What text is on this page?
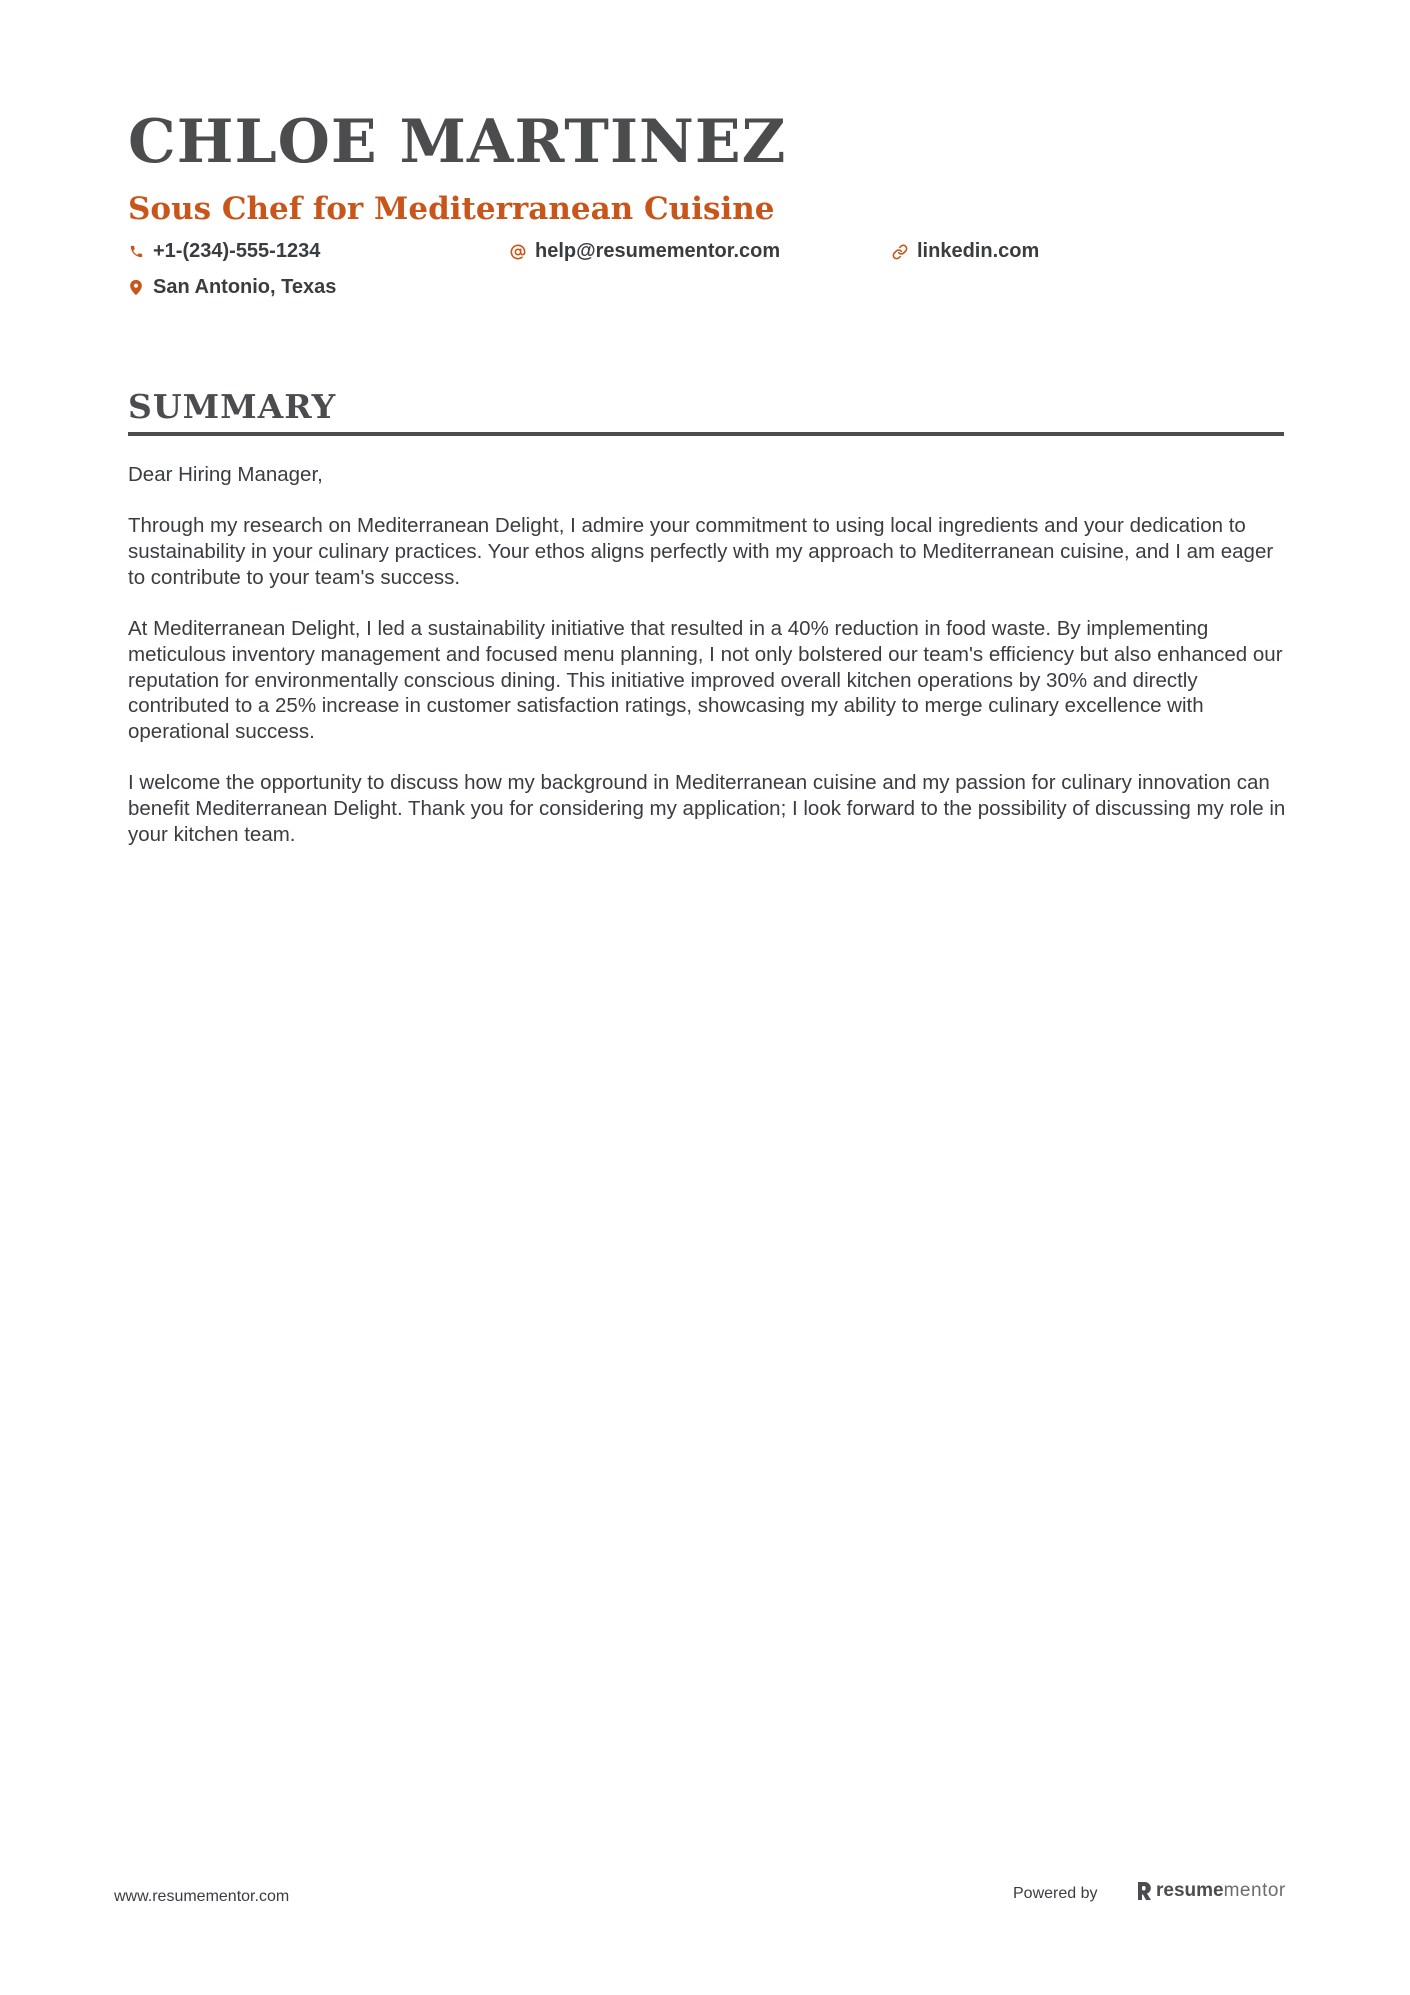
CHLOE MARTINEZ
Sous Chef for Mediterranean Cuisine
+1-(234)-555-1234	help@resumementor.com	linkedin.com
San Antonio, Texas
SUMMARY

Dear Hiring Manager,

Through my research on Mediterranean Delight, I admire your commitment to using local ingredients and your dedication to sustainability in your culinary practices. Your ethos aligns perfectly with my approach to Mediterranean cuisine, and I am eager to contribute to your team's success.

At Mediterranean Delight, I led a sustainability initiative that resulted in a 40% reduction in food waste. By implementing meticulous inventory management and focused menu planning, I not only bolstered our team's efficiency but also enhanced our reputation for environmentally conscious dining. This initiative improved overall kitchen operations by 30% and directly contributed to a 25% increase in customer satisfaction ratings, showcasing my ability to merge culinary excellence with operational success.

I welcome the opportunity to discuss how my background in Mediterranean cuisine and my passion for culinary innovation can benefit Mediterranean Delight. Thank you for considering my application; I look forward to the possibility of discussing my role in your kitchen team.

www.resumementor.com	Powered by	resume mentor
